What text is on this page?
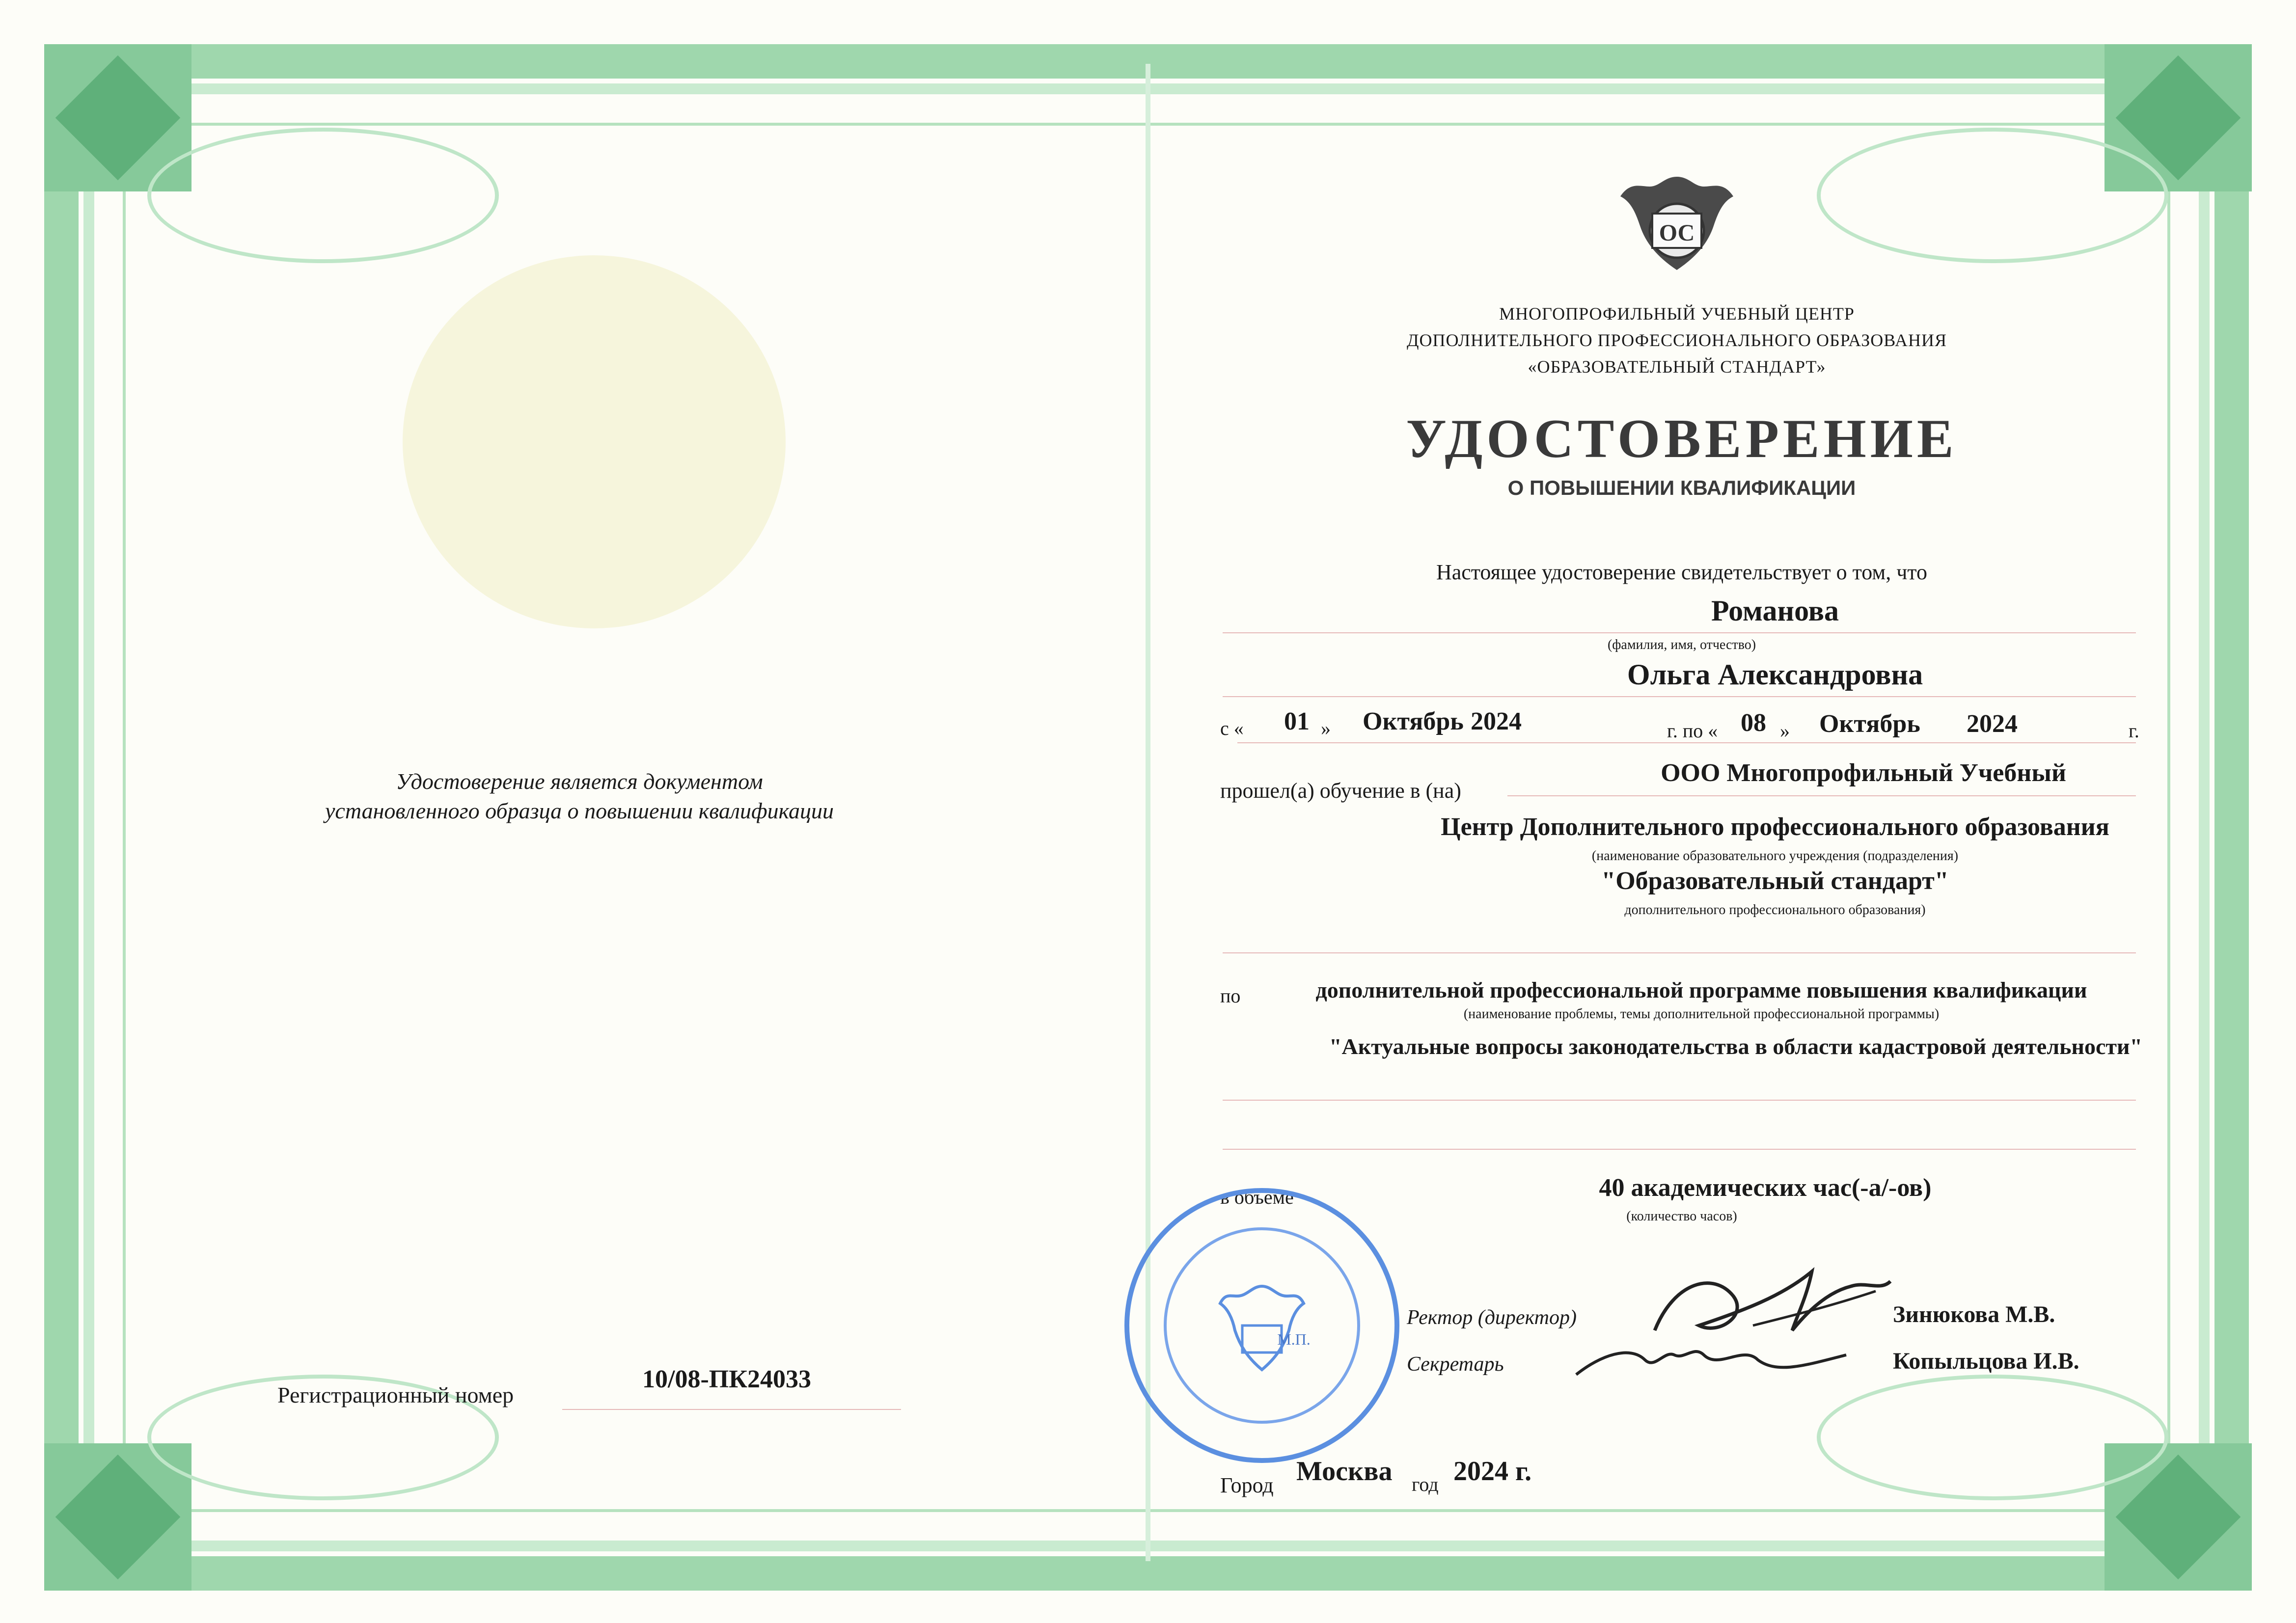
Удостоверение является документом
установленного образца о повышении квалификации
Регистрационный номер
10/08-ПК24033
ОС
МНОГОПРОФИЛЬНЫЙ УЧЕБНЫЙ ЦЕНТР
ДОПОЛНИТЕЛЬНОГО ПРОФЕССИОНАЛЬНОГО ОБРАЗОВАНИЯ
«ОБРАЗОВАТЕЛЬНЫЙ СТАНДАРТ»
УДОСТОВЕРЕНИЕ
О ПОВЫШЕНИИ КВАЛИФИКАЦИИ
Настоящее удостоверение свидетельствует о том, что
Романова
(фамилия, имя, отчество)
Ольга Александровна
с « 01 » Октябрь 2024	г. по « 08 » Октябрь 2024	г.
прошел(а) обучение в (на)
ООО Многопрофильный Учебный
Центр Дополнительного профессионального образования
(наименование образовательного учреждения (подразделения)
"Образовательный стандарт"
дополнительного профессионального образования)
по	дополнительной профессиональной программе повышения квалификации
(наименование проблемы, темы дополнительной профессиональной программы)
"Актуальные вопросы законодательства в области кадастровой деятельности"
в объеме	40 академических час(-а/-ов)
(количество часов)
Ректор (директор)	Зинюкова М.В.
Секретарь	Копыльцова И.В.
М.П.
Город Москва год 2024 г.
